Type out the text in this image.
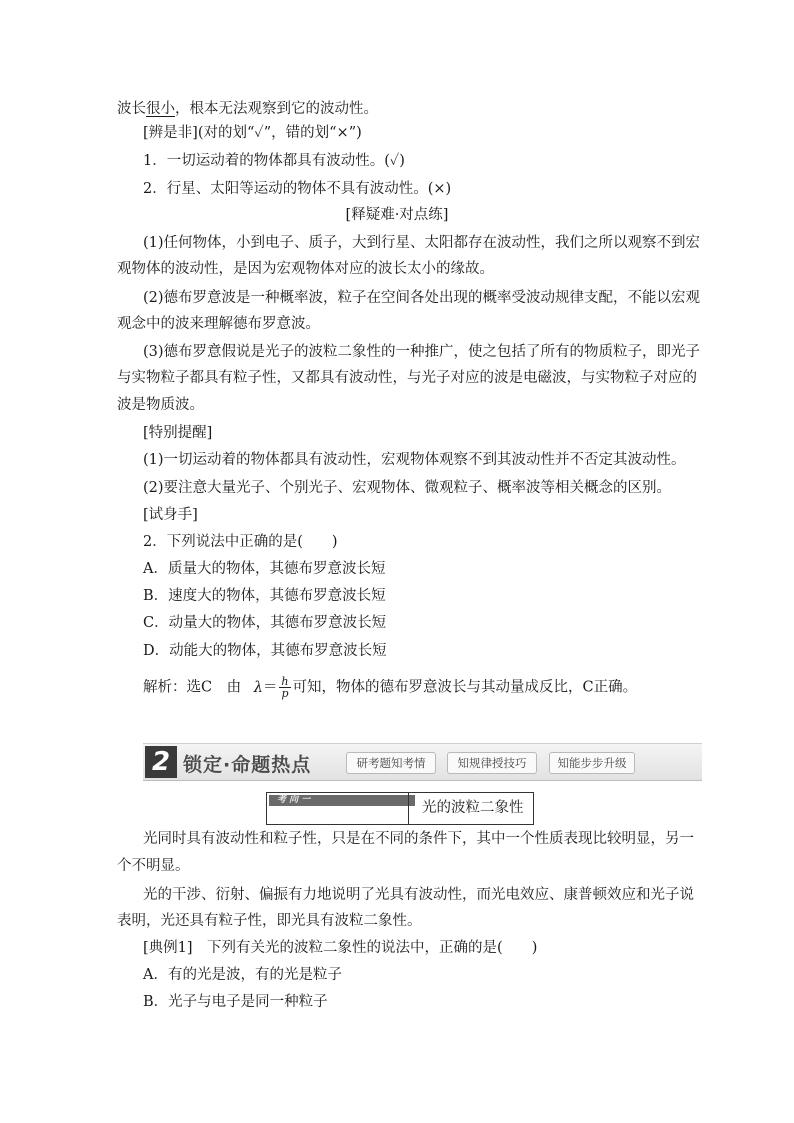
波长很小，根本无法观察到它的波动性。
[辨是非](对的划“✓”，错的划“×”)
1．一切运动着的物体都具有波动性。(✓)
2．行星、太阳等运动的物体不具有波动性。(×)
[释疑难·对点练]
(1)任何物体，小到电子、质子，大到行星、太阳都存在波动性，我们之所以观察不到宏
观物体的波动性，是因为宏观物体对应的波长太小的缘故。
(2)德布罗意波是一种概率波，粒子在空间各处出现的概率受波动规律支配，不能以宏观
观念中的波来理解德布罗意波。
(3)德布罗意假说是光子的波粒二象性的一种推广，使之包括了所有的物质粒子，即光子
与实物粒子都具有粒子性，又都具有波动性，与光子对应的波是电磁波，与实物粒子对应的
波是物质波。
[特别提醒]
(1)一切运动着的物体都具有波动性，宏观物体观察不到其波动性并不否定其波动性。
(2)要注意大量光子、个别光子、宏观物体、微观粒子、概率波等相关概念的区别。
[试身手]
2．下列说法中正确的是(　　)
A．质量大的物体，其德布罗意波长短
B．速度大的物体，其德布罗意波长短
C．动量大的物体，其德布罗意波长短
D．动能大的物体，其德布罗意波长短
解析：选C　由 $\lambda= \frac{h}{p}$ 可知，物体的德布罗意波长与其动量成反比，C正确。
2 锁定·命题热点	研考题知考情	知规律授技巧	知能步步升级
考 向 一	光的波粒二象性
光同时具有波动性和粒子性，只是在不同的条件下，其中一个性质表现比较明显，另一
个不明显。
光的干涉、衍射、偏振有力地说明了光具有波动性，而光电效应、康普顿效应和光子说
表明，光还具有粒子性，即光具有波粒二象性。
[典例1]　下列有关光的波粒二象性的说法中，正确的是(　　)
A．有的光是波，有的光是粒子
B．光子与电子是同一种粒子
